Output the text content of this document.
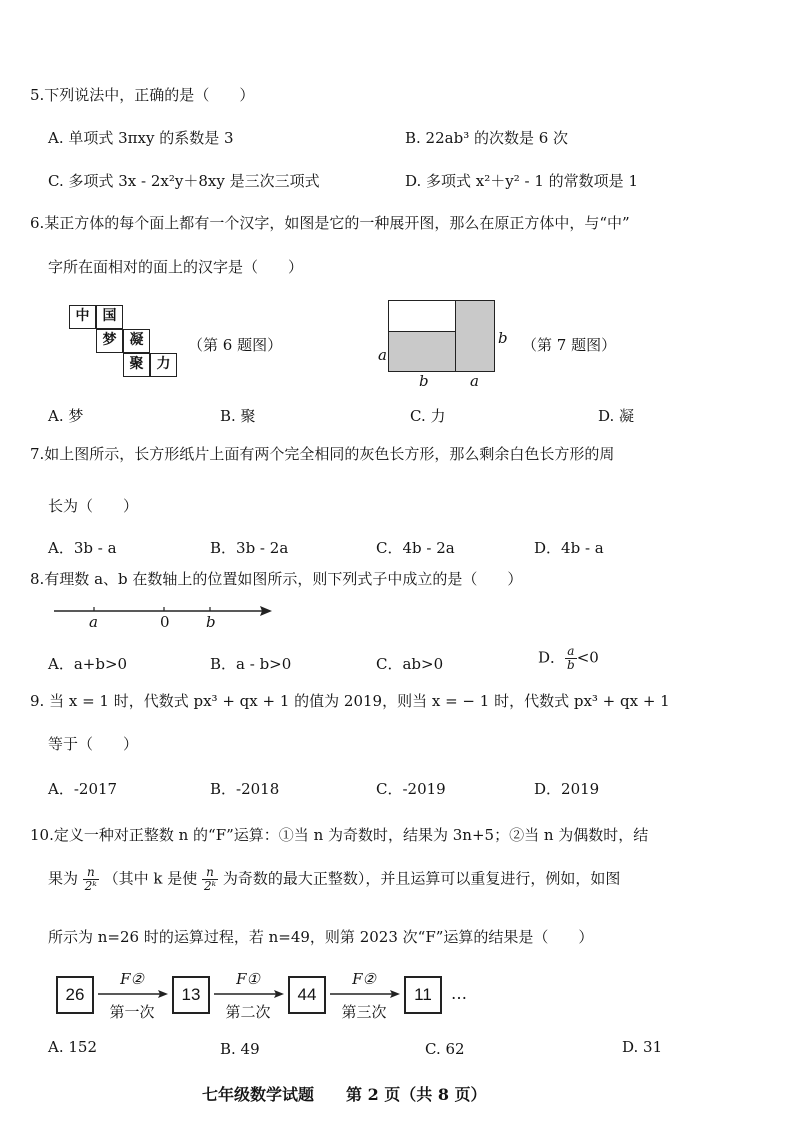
5.下列说法中，正确的是（　　）
A. 单项式 3πxy 的系数是 3	B. 22ab³ 的次数是 6 次
C. 多项式 3x - 2x²y＋8xy 是三次三项式	D. 多项式 x²＋y² - 1 的常数项是 1
6.某正方体的每个面上都有一个汉字，如图是它的一种展开图，那么在原正方体中，与“中”
字所在面相对的面上的汉字是（　　）
中 国
梦 凝
聚 力
（第 6 题图）
a
b
b	a
（第 7 题图）
A. 梦	B. 聚	C. 力	D. 凝
7.如上图所示，长方形纸片上面有两个完全相同的灰色长方形，那么剩余白色长方形的周
长为（　　）
A．3b - a	B．3b - 2a	C．4b - 2a	D．4b - a
8.有理数 a、b 在数轴上的位置如图所示，则下列式子中成立的是（　　）
a	0 b
A．a+b>0	B．a - b>0	C．ab>0	D． $\frac{a}{b} <0$
9. 当 x = 1 时，代数式 px³ + qx + 1 的值为 2019，则当 x = − 1 时，代数式 px³ + qx + 1
等于（　　）
A．-2017	B．-2018	C．-2019	D．2019
10.定义一种对正整数 n 的“F”运算：①当 n 为奇数时，结果为 3n+5；②当 n 为偶数时，结
果为 $\frac{n}{\text{2ᵏ}}$ （其中 k 是使 $\frac{n}{\text{2ᵏ}}$ 为奇数的最大正整数），并且运算可以重复进行，例如，如图
所示为 n=26 时的运算过程，若 n=49，则第 2023 次“F”运算的结果是（　　）
26	13	44	11
F②	F①	F②
第一次	第二次	第三次
…
A. 152	B. 49	C. 62	D. 31
七年级数学试题 第 2 页（共 8 页）
